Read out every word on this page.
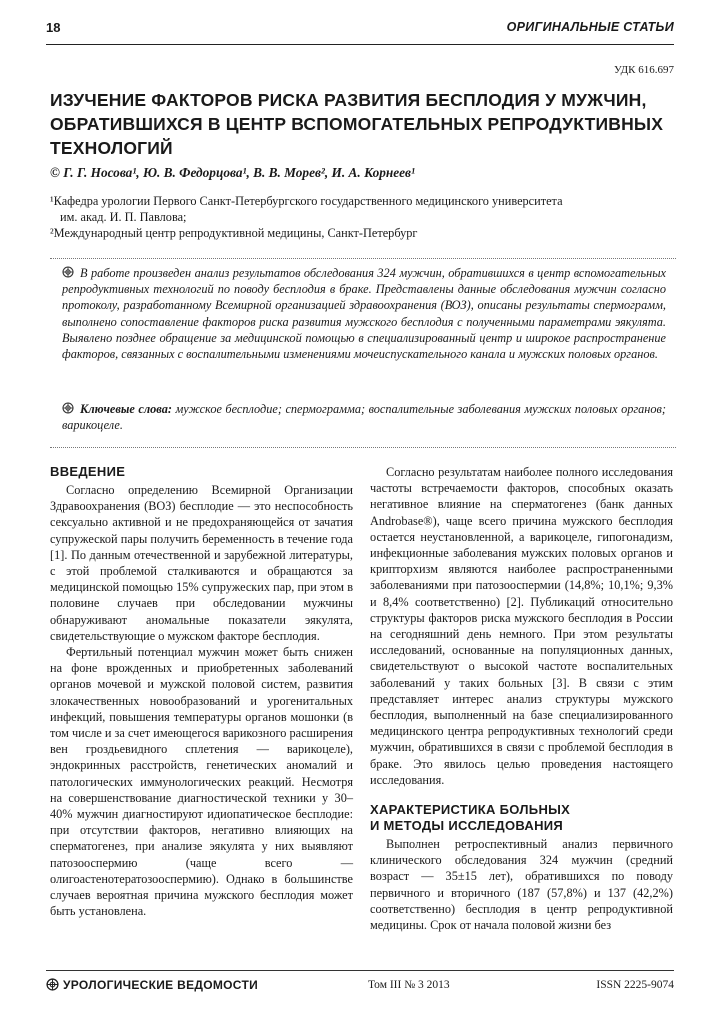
18	ОРИГИНАЛЬНЫЕ СТАТЬИ
УДК 616.697
ИЗУЧЕНИЕ ФАКТОРОВ РИСКА РАЗВИТИЯ БЕСПЛОДИЯ У МУЖЧИН,
ОБРАТИВШИХСЯ В ЦЕНТР ВСПОМОГАТЕЛЬНЫХ РЕПРОДУКТИВНЫХ
ТЕХНОЛОГИЙ
© Г. Г. Носова¹, Ю. В. Федорцова¹, В. В. Морев², И. А. Корнеев¹
¹Кафедра урологии Первого Санкт-Петербургского государственного медицинского университета
им. акад. И. П. Павлова;
²Международный центр репродуктивной медицины, Санкт-Петербург
В работе произведен анализ результатов обследования 324 мужчин, обратившихся в центр вспомогательных репродуктивных технологий по поводу бесплодия в браке. Представлены данные обследования мужчин согласно протоколу, разработанному Всемирной организацией здравоохранения (ВОЗ), описаны результаты спермограмм, выполнено сопоставление факторов риска развития мужского бесплодия с полученными параметрами эякулята. Выявлено позднее обращение за медицинской помощью в специализированный центр и широкое распространение факторов, связанных с воспалительными изменениями мочеиспускательного канала и мужских половых органов.
Ключевые слова: мужское бесплодие; спермограмма; воспалительные заболевания мужских половых органов; варикоцеле.
ВВЕДЕНИЕ

Согласно определению Всемирной Организации Здравоохранения (ВОЗ) бесплодие — это неспособность сексуально активной и не предохраняющейся от зачатия супружеской пары получить беременность в течение года [1]. По данным отечественной и зарубежной литературы, с этой проблемой сталкиваются и обращаются за медицинской помощью 15% супружеских пар, при этом в половине случаев при обследовании мужчины обнаруживают аномальные показатели эякулята, свидетельствующие о мужском факторе бесплодия.

Фертильный потенциал мужчин может быть снижен на фоне врожденных и приобретенных заболеваний органов мочевой и мужской половой систем, развития злокачественных новообразований и урогенитальных инфекций, повышения температуры органов мошонки (в том числе и за счет имеющегося варикозного расширения вен гроздьевидного сплетения — варикоцеле), эндокринных расстройств, генетических аномалий и патологических иммунологических реакций. Несмотря на совершенствование диагностической техники у 30–40% мужчин диагностируют идиопатическое бесплодие: при отсутствии факторов, негативно влияющих на сперматогенез, при анализе эякулята у них выявляют патозооспермию (чаще всего — олигоастенотератозооспермию). Однако в большинстве случаев вероятная причина мужского бесплодия может быть установлена.

Согласно результатам наиболее полного исследования частоты встречаемости факторов, способных оказать негативное влияние на сперматогенез (банк данных Androbase®), чаще всего причина мужского бесплодия остается неустановленной, а варикоцеле, гипогонадизм, инфекционные заболевания мужских половых органов и крипторхизм являются наиболее распространенными заболеваниями при патозооспермии (14,8%; 10,1%; 9,3% и 8,4% соответственно) [2]. Публикаций относительно структуры факторов риска мужского бесплодия в России на сегодняшний день немного. При этом результаты исследований, основанные на популяционных данных, свидетельствуют о высокой частоте воспалительных заболеваний у таких больных [3]. В связи с этим представляет интерес анализ структуры мужского бесплодия, выполненный на базе специализированного медицинского центра репродуктивных технологий среди мужчин, обратившихся в связи с проблемой бесплодия в браке. Это явилось целью проведения настоящего исследования.

ХАРАКТЕРИСТИКА БОЛЬНЫХ
И МЕТОДЫ ИССЛЕДОВАНИЯ

Выполнен ретроспективный анализ первичного клинического обследования 324 мужчин (средний возраст — 35±15 лет), обратившихся по поводу первичного и вторичного (187 (57,8%) и 137 (42,2%) соответственно) бесплодия в центр репродуктивной медицины. Срок от начала половой жизни без

УРОЛОГИЧЕСКИЕ ВЕДОМОСТИ	Том III № 3 2013	ISSN 2225-9074
